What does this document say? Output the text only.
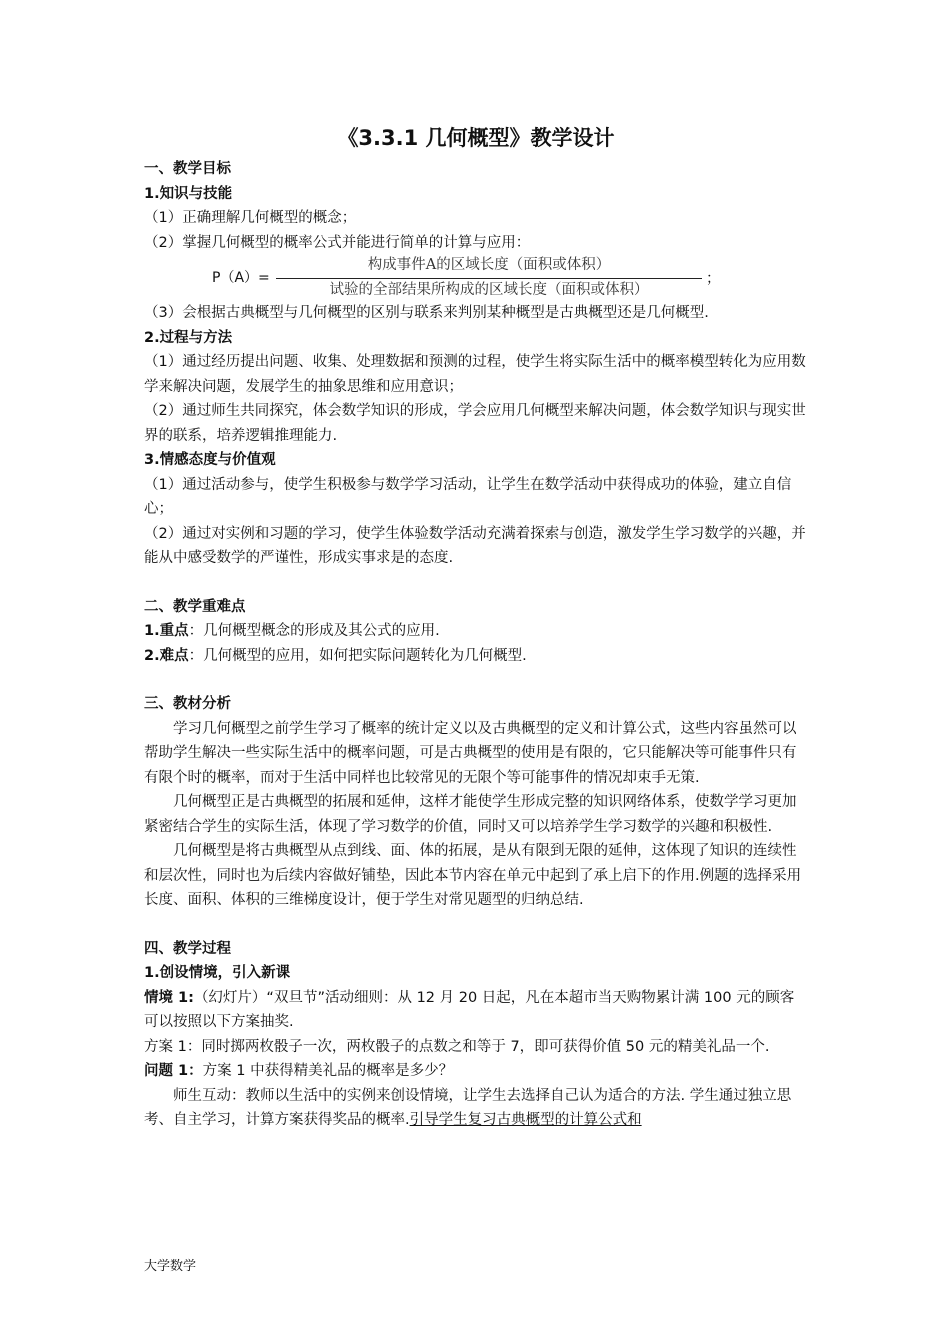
《3.3.1 几何概型》教学设计

一、教学目标

1.知识与技能

（1）正确理解几何概型的概念；

（2）掌握几何概型的概率公式并能进行简单的计算与应用：

P（A）=
构成事件A的区域长度（面积或体积）
试验的全部结果所构成的区域长度（面积或体积）
；

（3）会根据古典概型与几何概型的区别与联系来判别某种概型是古典概型还是几何概型.

2.过程与方法

（1）通过经历提出问题、收集、处理数据和预测的过程，使学生将实际生活中的概率模型转化为应用数学来解决问题，发展学生的抽象思维和应用意识；

（2）通过师生共同探究，体会数学知识的形成，学会应用几何概型来解决问题，体会数学知识与现实世界的联系，培养逻辑推理能力.

3.情感态度与价值观

（1）通过活动参与，使学生积极参与数学学习活动，让学生在数学活动中获得成功的体验，建立自信心；

（2）通过对实例和习题的学习，使学生体验数学活动充满着探索与创造，激发学生学习数学的兴趣，并能从中感受数学的严谨性，形成实事求是的态度.

二、教学重难点

1.重点：几何概型概念的形成及其公式的应用.

2.难点：几何概型的应用，如何把实际问题转化为几何概型.

三、教材分析

学习几何概型之前学生学习了概率的统计定义以及古典概型的定义和计算公式，这些内容虽然可以帮助学生解决一些实际生活中的概率问题，可是古典概型的使用是有限的，它只能解决等可能事件只有有限个时的概率，而对于生活中同样也比较常见的无限个等可能事件的情况却束手无策.

几何概型正是古典概型的拓展和延伸，这样才能使学生形成完整的知识网络体系，使数学学习更加紧密结合学生的实际生活，体现了学习数学的价值，同时又可以培养学生学习数学的兴趣和积极性.

几何概型是将古典概型从点到线、面、体的拓展，是从有限到无限的延伸，这体现了知识的连续性和层次性，同时也为后续内容做好铺垫，因此本节内容在单元中起到了承上启下的作用.例题的选择采用长度、面积、体积的三维梯度设计，便于学生对常见题型的归纳总结.

四、教学过程

1.创设情境，引入新课

情境 1:（幻灯片）“双旦节”活动细则：从 12 月 20 日起，凡在本超市当天购物累计满 100 元的顾客可以按照以下方案抽奖.

方案 1：同时掷两枚骰子一次，两枚骰子的点数之和等于 7，即可获得价值 50 元的精美礼品一个.

问题 1：方案 1 中获得精美礼品的概率是多少？

师生互动：教师以生活中的实例来创设情境，让学生去选择自己认为适合的方法. 学生通过独立思考、自主学习，计算方案获得奖品的概率.引导学生复习古典概型的计算公式和

大学数学
